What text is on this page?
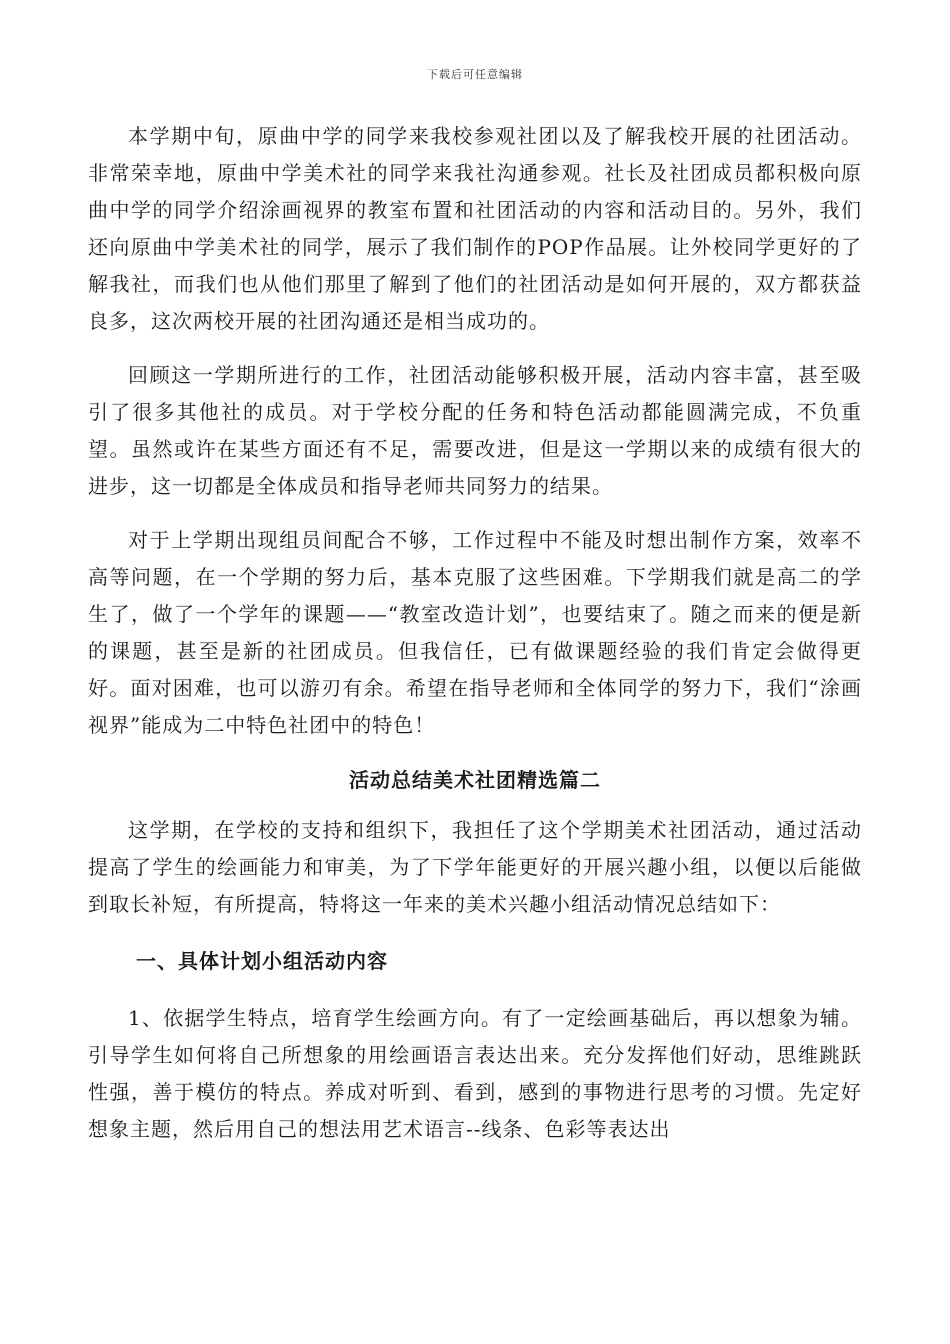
下载后可任意编辑

本学期中旬，原曲中学的同学来我校参观社团以及了解我校开展的社团活动。非常荣幸地，原曲中学美术社的同学来我社沟通参观。社长及社团成员都积极向原曲中学的同学介绍涂画视界的教室布置和社团活动的内容和活动目的。另外，我们还向原曲中学美术社的同学，展示了我们制作的POP作品展。让外校同学更好的了解我社，而我们也从他们那里了解到了他们的社团活动是如何开展的，双方都获益良多，这次两校开展的社团沟通还是相当成功的。

回顾这一学期所进行的工作，社团活动能够积极开展，活动内容丰富，甚至吸引了很多其他社的成员。对于学校分配的任务和特色活动都能圆满完成，不负重望。虽然或许在某些方面还有不足，需要改进，但是这一学期以来的成绩有很大的进步，这一切都是全体成员和指导老师共同努力的结果。

对于上学期出现组员间配合不够，工作过程中不能及时想出制作方案，效率不高等问题，在一个学期的努力后，基本克服了这些困难。下学期我们就是高二的学生了，做了一个学年的课题——“教室改造计划”，也要结束了。随之而来的便是新的课题，甚至是新的社团成员。但我信任，已有做课题经验的我们肯定会做得更好。面对困难，也可以游刃有余。希望在指导老师和全体同学的努力下，我们“涂画视界”能成为二中特色社团中的特色！

活动总结美术社团精选篇二

这学期，在学校的支持和组织下，我担任了这个学期美术社团活动，通过活动提高了学生的绘画能力和审美，为了下学年能更好的开展兴趣小组，以便以后能做到取长补短，有所提高，特将这一年来的美术兴趣小组活动情况总结如下：

一、具体计划小组活动内容

1、依据学生特点，培育学生绘画方向。有了一定绘画基础后，再以想象为辅。引导学生如何将自己所想象的用绘画语言表达出来。充分发挥他们好动，思维跳跃性强，善于模仿的特点。养成对听到、看到，感到的事物进行思考的习惯。先定好想象主题，然后用自己的想法用艺术语言--线条、色彩等表达出
